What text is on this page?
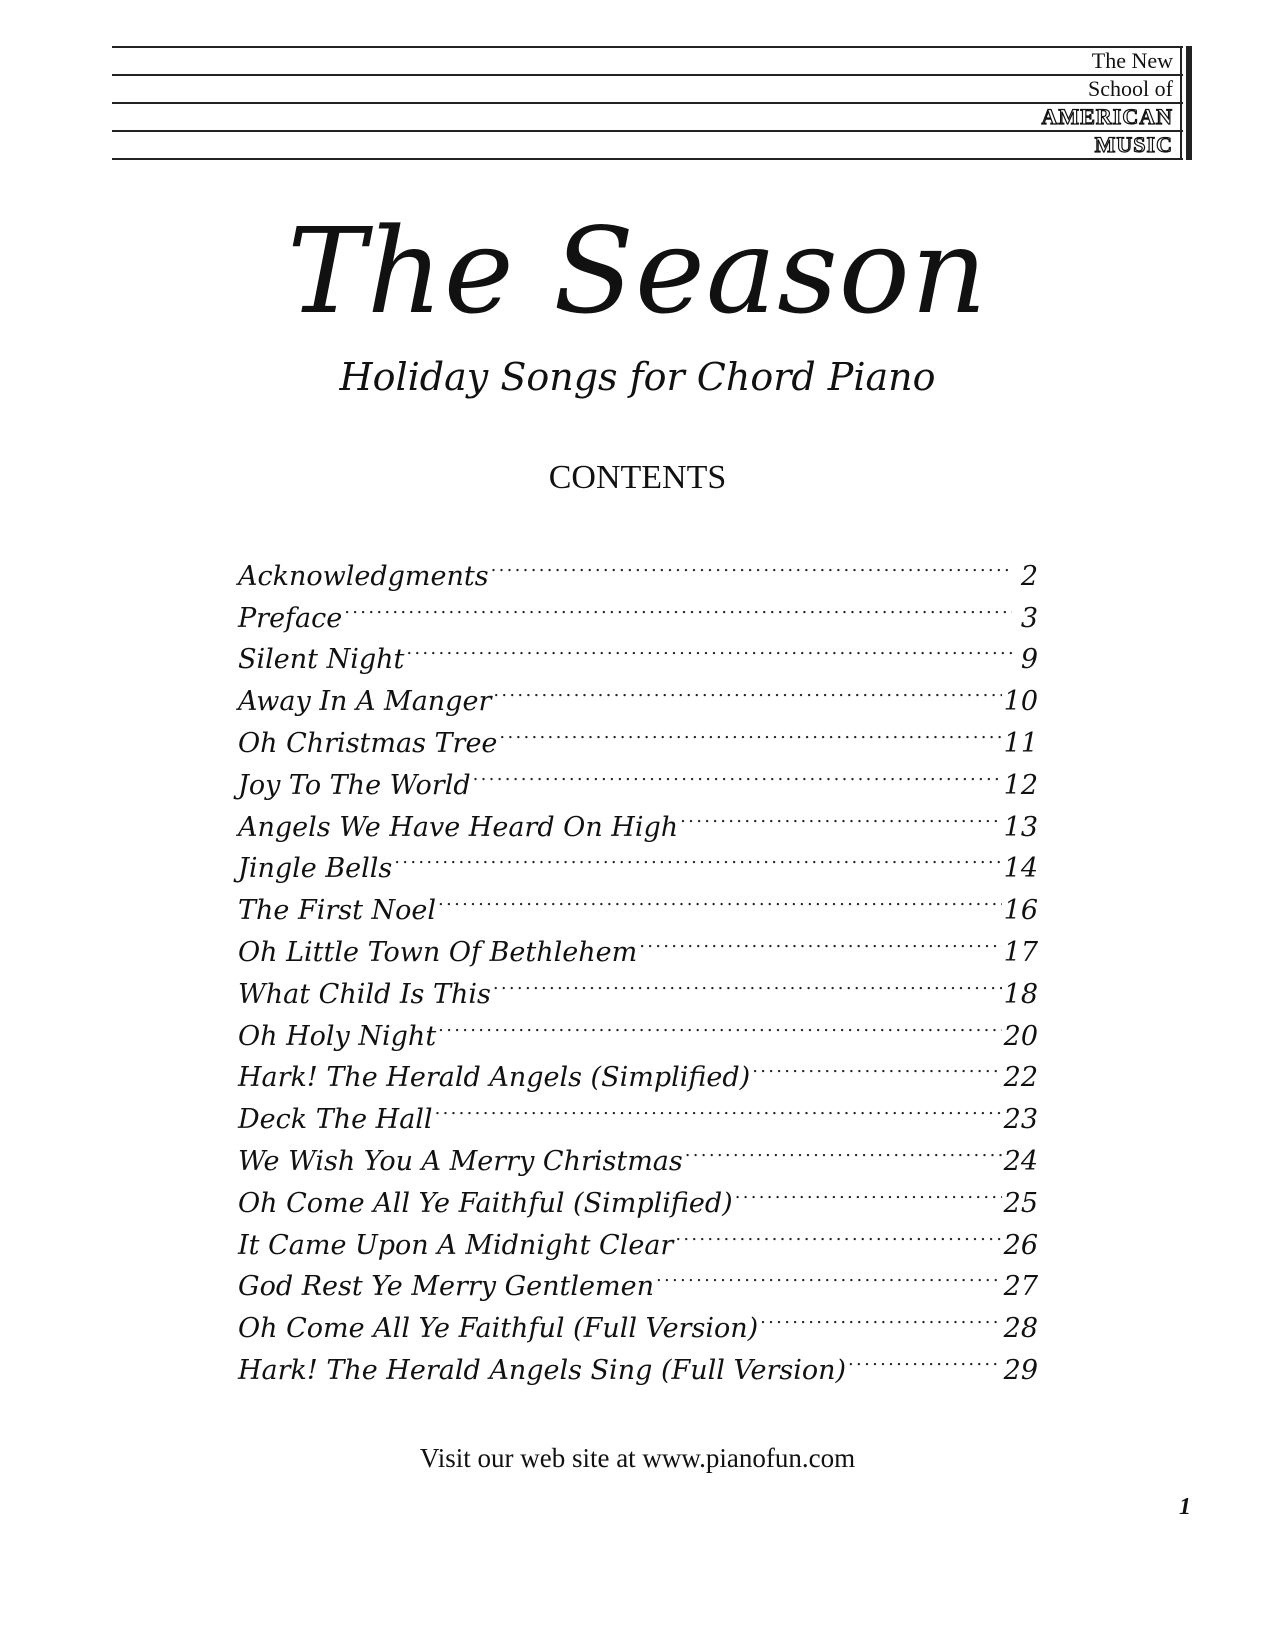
The New
School of
AMERICAN
MUSIC
The Season
Holiday Songs for Chord Piano
CONTENTS
Acknowledgments .....	2
Preface .....	3
Silent Night .....	9
Away In A Manger .....	10
Oh Christmas Tree .....	11
Joy To The World .....	12
Angels We Have Heard On High .....	13
Jingle Bells .....	14
The First Noel .....	16
Oh Little Town Of Bethlehem .....	17
What Child Is This .....	18
Oh Holy Night .....	20
Hark! The Herald Angels (Simplified) .....	22
Deck The Hall .....	23
We Wish You A Merry Christmas .....	24
Oh Come All Ye Faithful (Simplified) .....	25
It Came Upon A Midnight Clear .....	26
God Rest Ye Merry Gentlemen .....	27
Oh Come All Ye Faithful (Full Version) .....	28
Hark! The Herald Angels Sing (Full Version) .....	29
Visit our web site at www.pianofun.com
1
